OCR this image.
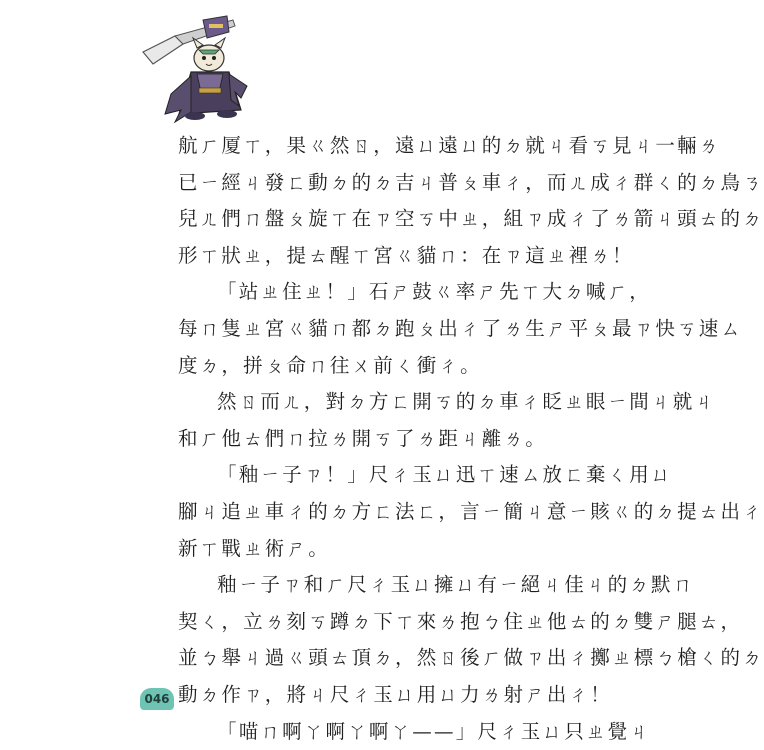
航ㄏ厦ㄒ，果ㄍ然ㄖ，遠ㄩ遠ㄩ的ㄉ就ㄐ看ㄎ見ㄐ一輛ㄌ
已ㄧ經ㄐ發ㄈ動ㄉ的ㄉ吉ㄐ普ㄆ車ㄔ，而ㄦ成ㄔ群ㄑ的ㄉ鳥ㄋ
兒ㄦ們ㄇ盤ㄆ旋ㄒ在ㄗ空ㄎ中ㄓ，組ㄗ成ㄔ了ㄌ箭ㄐ頭ㄊ的ㄉ
形ㄒ狀ㄓ，提ㄊ醒ㄒ宮ㄍ貓ㄇ：在ㄗ這ㄓ裡ㄌ！
「站ㄓ住ㄓ！」石ㄕ鼓ㄍ率ㄕ先ㄒ大ㄉ喊ㄏ，
每ㄇ隻ㄓ宮ㄍ貓ㄇ都ㄉ跑ㄆ出ㄔ了ㄌ生ㄕ平ㄆ最ㄗ快ㄎ速ㄙ
度ㄉ，拼ㄆ命ㄇ往ㄨ前ㄑ衝ㄔ。
然ㄖ而ㄦ，對ㄉ方ㄈ開ㄎ的ㄉ車ㄔ眨ㄓ眼ㄧ間ㄐ就ㄐ
和ㄏ他ㄊ們ㄇ拉ㄌ開ㄎ了ㄌ距ㄐ離ㄌ。
「釉ㄧ子ㄗ！」尺ㄔ玉ㄩ迅ㄒ速ㄙ放ㄈ棄ㄑ用ㄩ
腳ㄐ追ㄓ車ㄔ的ㄉ方ㄈ法ㄈ，言ㄧ簡ㄐ意ㄧ賅ㄍ的ㄉ提ㄊ出ㄔ
新ㄒ戰ㄓ術ㄕ。
釉ㄧ子ㄗ和ㄏ尺ㄔ玉ㄩ擁ㄩ有ㄧ絕ㄐ佳ㄐ的ㄉ默ㄇ
契ㄑ，立ㄌ刻ㄎ蹲ㄉ下ㄒ來ㄌ抱ㄅ住ㄓ他ㄊ的ㄉ雙ㄕ腿ㄊ，
並ㄅ舉ㄐ過ㄍ頭ㄊ頂ㄉ，然ㄖ後ㄏ做ㄗ出ㄔ擲ㄓ標ㄅ槍ㄑ的ㄉ
動ㄉ作ㄗ，將ㄐ尺ㄔ玉ㄩ用ㄩ力ㄌ射ㄕ出ㄔ！
「喵ㄇ啊ㄚ啊ㄚ啊ㄚ——」尺ㄔ玉ㄩ只ㄓ覺ㄐ
046
